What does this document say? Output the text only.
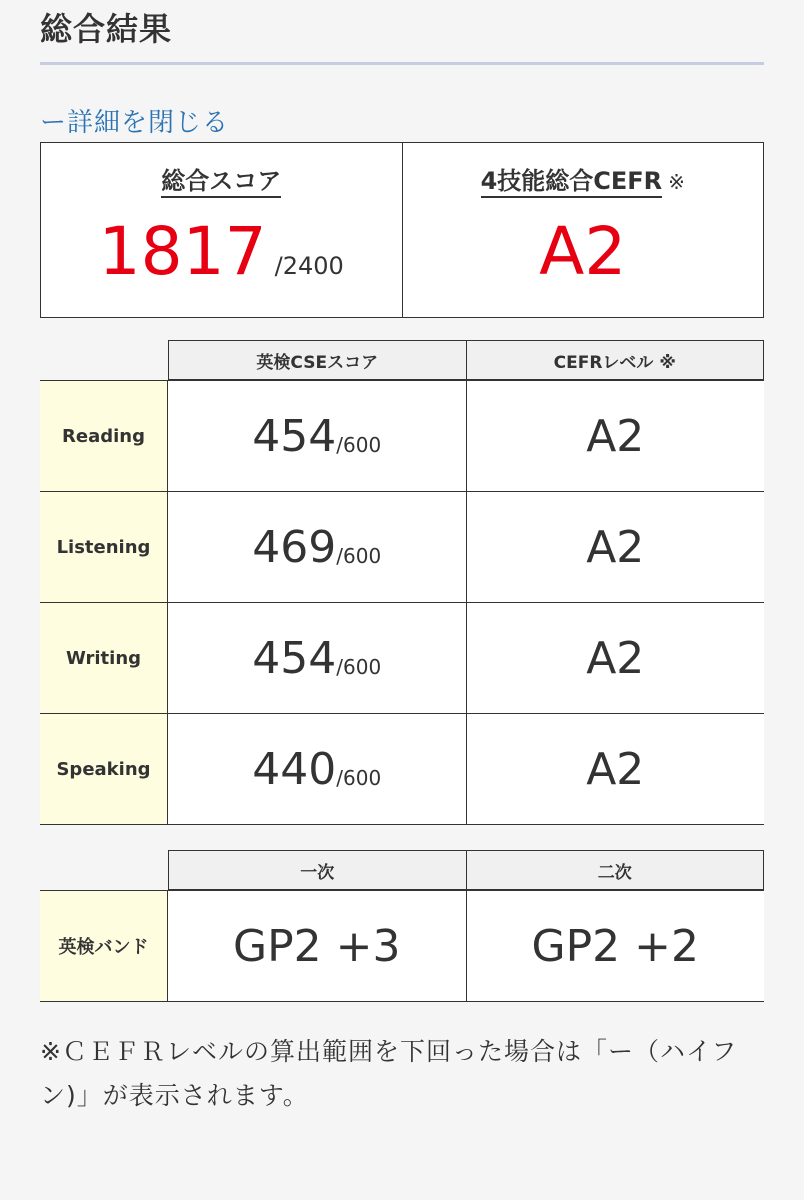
総合結果
ー詳細を閉じる
総合スコア
1817 /2400
4技能総合CEFR ※
A2
英検CSEスコア	CEFRレベル ※
Reading	454 /600	A2
Listening	469 /600	A2
Writing	454 /600	A2
Speaking	440 /600	A2
一次	二次
英検バンド	GP2 +3	GP2 +2
※ＣＥＦＲレベルの算出範囲を下回った場合は「ー（ハイフン)」が表示されます。
